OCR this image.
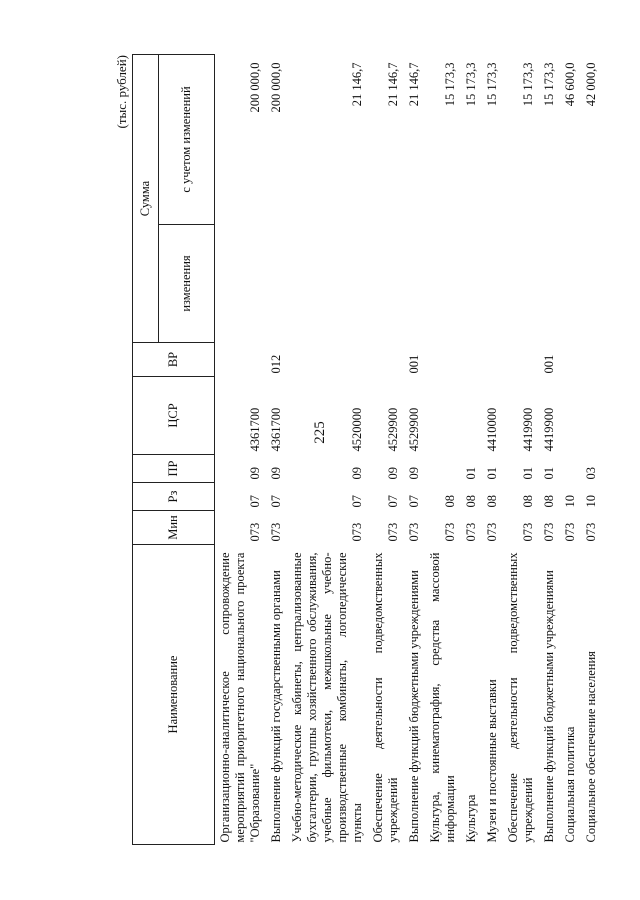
225
(тыс. рублей)
Наименование	Мин	Рз	ПР	ЦСР	ВР	Сумма	
						изменения	с учетом изменений
Организационно-аналитическое сопровождение мероприятий приоритетного национального проекта "Образование"	073	07	09	4361700			200 000,0
Выполнение функций государственными органами	073	07	09	4361700	012		200 000,0
Учебно-методические кабинеты, централизованные бухгалтерии, группы хозяйственного обслуживания, учебные фильмотеки, межшкольные учебно-производственные комбинаты, логопедические пункты	073	07	09	4520000			21 146,7
Обеспечение деятельности подведомственных учреждений	073	07	09	4529900			21 146,7
Выполнение функций бюджетными учреждениями	073	07	09	4529900	001		21 146,7
Культура, кинематография, средства массовой информации	073	08					15 173,3
Культура	073	08	01				15 173,3
Музеи и постоянные выставки	073	08	01	4410000			15 173,3
Обеспечение деятельности подведомственных учреждений	073	08	01	4419900			15 173,3
Выполнение функций бюджетными учреждениями	073	08	01	4419900	001		15 173,3
Социальная политика	073	10					46 600,0
Социальное обеспечение населения	073	10	03				42 000,0
